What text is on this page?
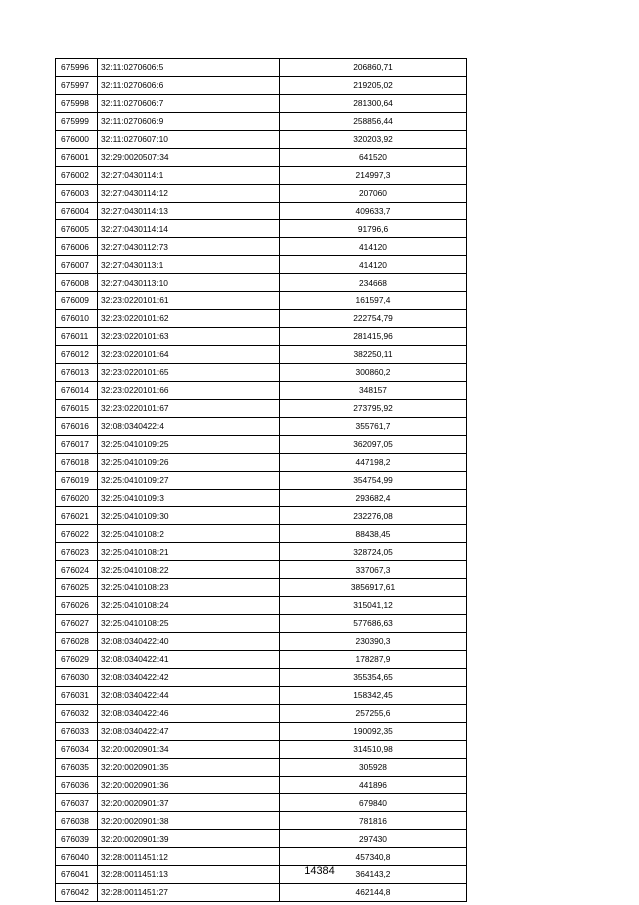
675996	32:11:0270606:5	206860,71
675997	32:11:0270606:6	219205,02
675998	32:11:0270606:7	281300,64
675999	32:11:0270606:9	258856,44
676000	32:11:0270607:10	320203,92
676001	32:29:0020507:34	641520
676002	32:27:0430114:1	214997,3
676003	32:27:0430114:12	207060
676004	32:27:0430114:13	409633,7
676005	32:27:0430114:14	91796,6
676006	32:27:0430112:73	414120
676007	32:27:0430113:1	414120
676008	32:27:0430113:10	234668
676009	32:23:0220101:61	161597,4
676010	32:23:0220101:62	222754,79
676011	32:23:0220101:63	281415,96
676012	32:23:0220101:64	382250,11
676013	32:23:0220101:65	300860,2
676014	32:23:0220101:66	348157
676015	32:23:0220101:67	273795,92
676016	32:08:0340422:4	355761,7
676017	32:25:0410109:25	362097,05
676018	32:25:0410109:26	447198,2
676019	32:25:0410109:27	354754,99
676020	32:25:0410109:3	293682,4
676021	32:25:0410109:30	232276,08
676022	32:25:0410108:2	88438,45
676023	32:25:0410108:21	328724,05
676024	32:25:0410108:22	337067,3
676025	32:25:0410108:23	3856917,61
676026	32:25:0410108:24	315041,12
676027	32:25:0410108:25	577686,63
676028	32:08:0340422:40	230390,3
676029	32:08:0340422:41	178287,9
676030	32:08:0340422:42	355354,65
676031	32:08:0340422:44	158342,45
676032	32:08:0340422:46	257255,6
676033	32:08:0340422:47	190092,35
676034	32:20:0020901:34	314510,98
676035	32:20:0020901:35	305928
676036	32:20:0020901:36	441896
676037	32:20:0020901:37	679840
676038	32:20:0020901:38	781816
676039	32:20:0020901:39	297430
676040	32:28:0011451:12	457340,8
676041	32:28:0011451:13	364143,2
676042	32:28:0011451:27	462144,8
14384
